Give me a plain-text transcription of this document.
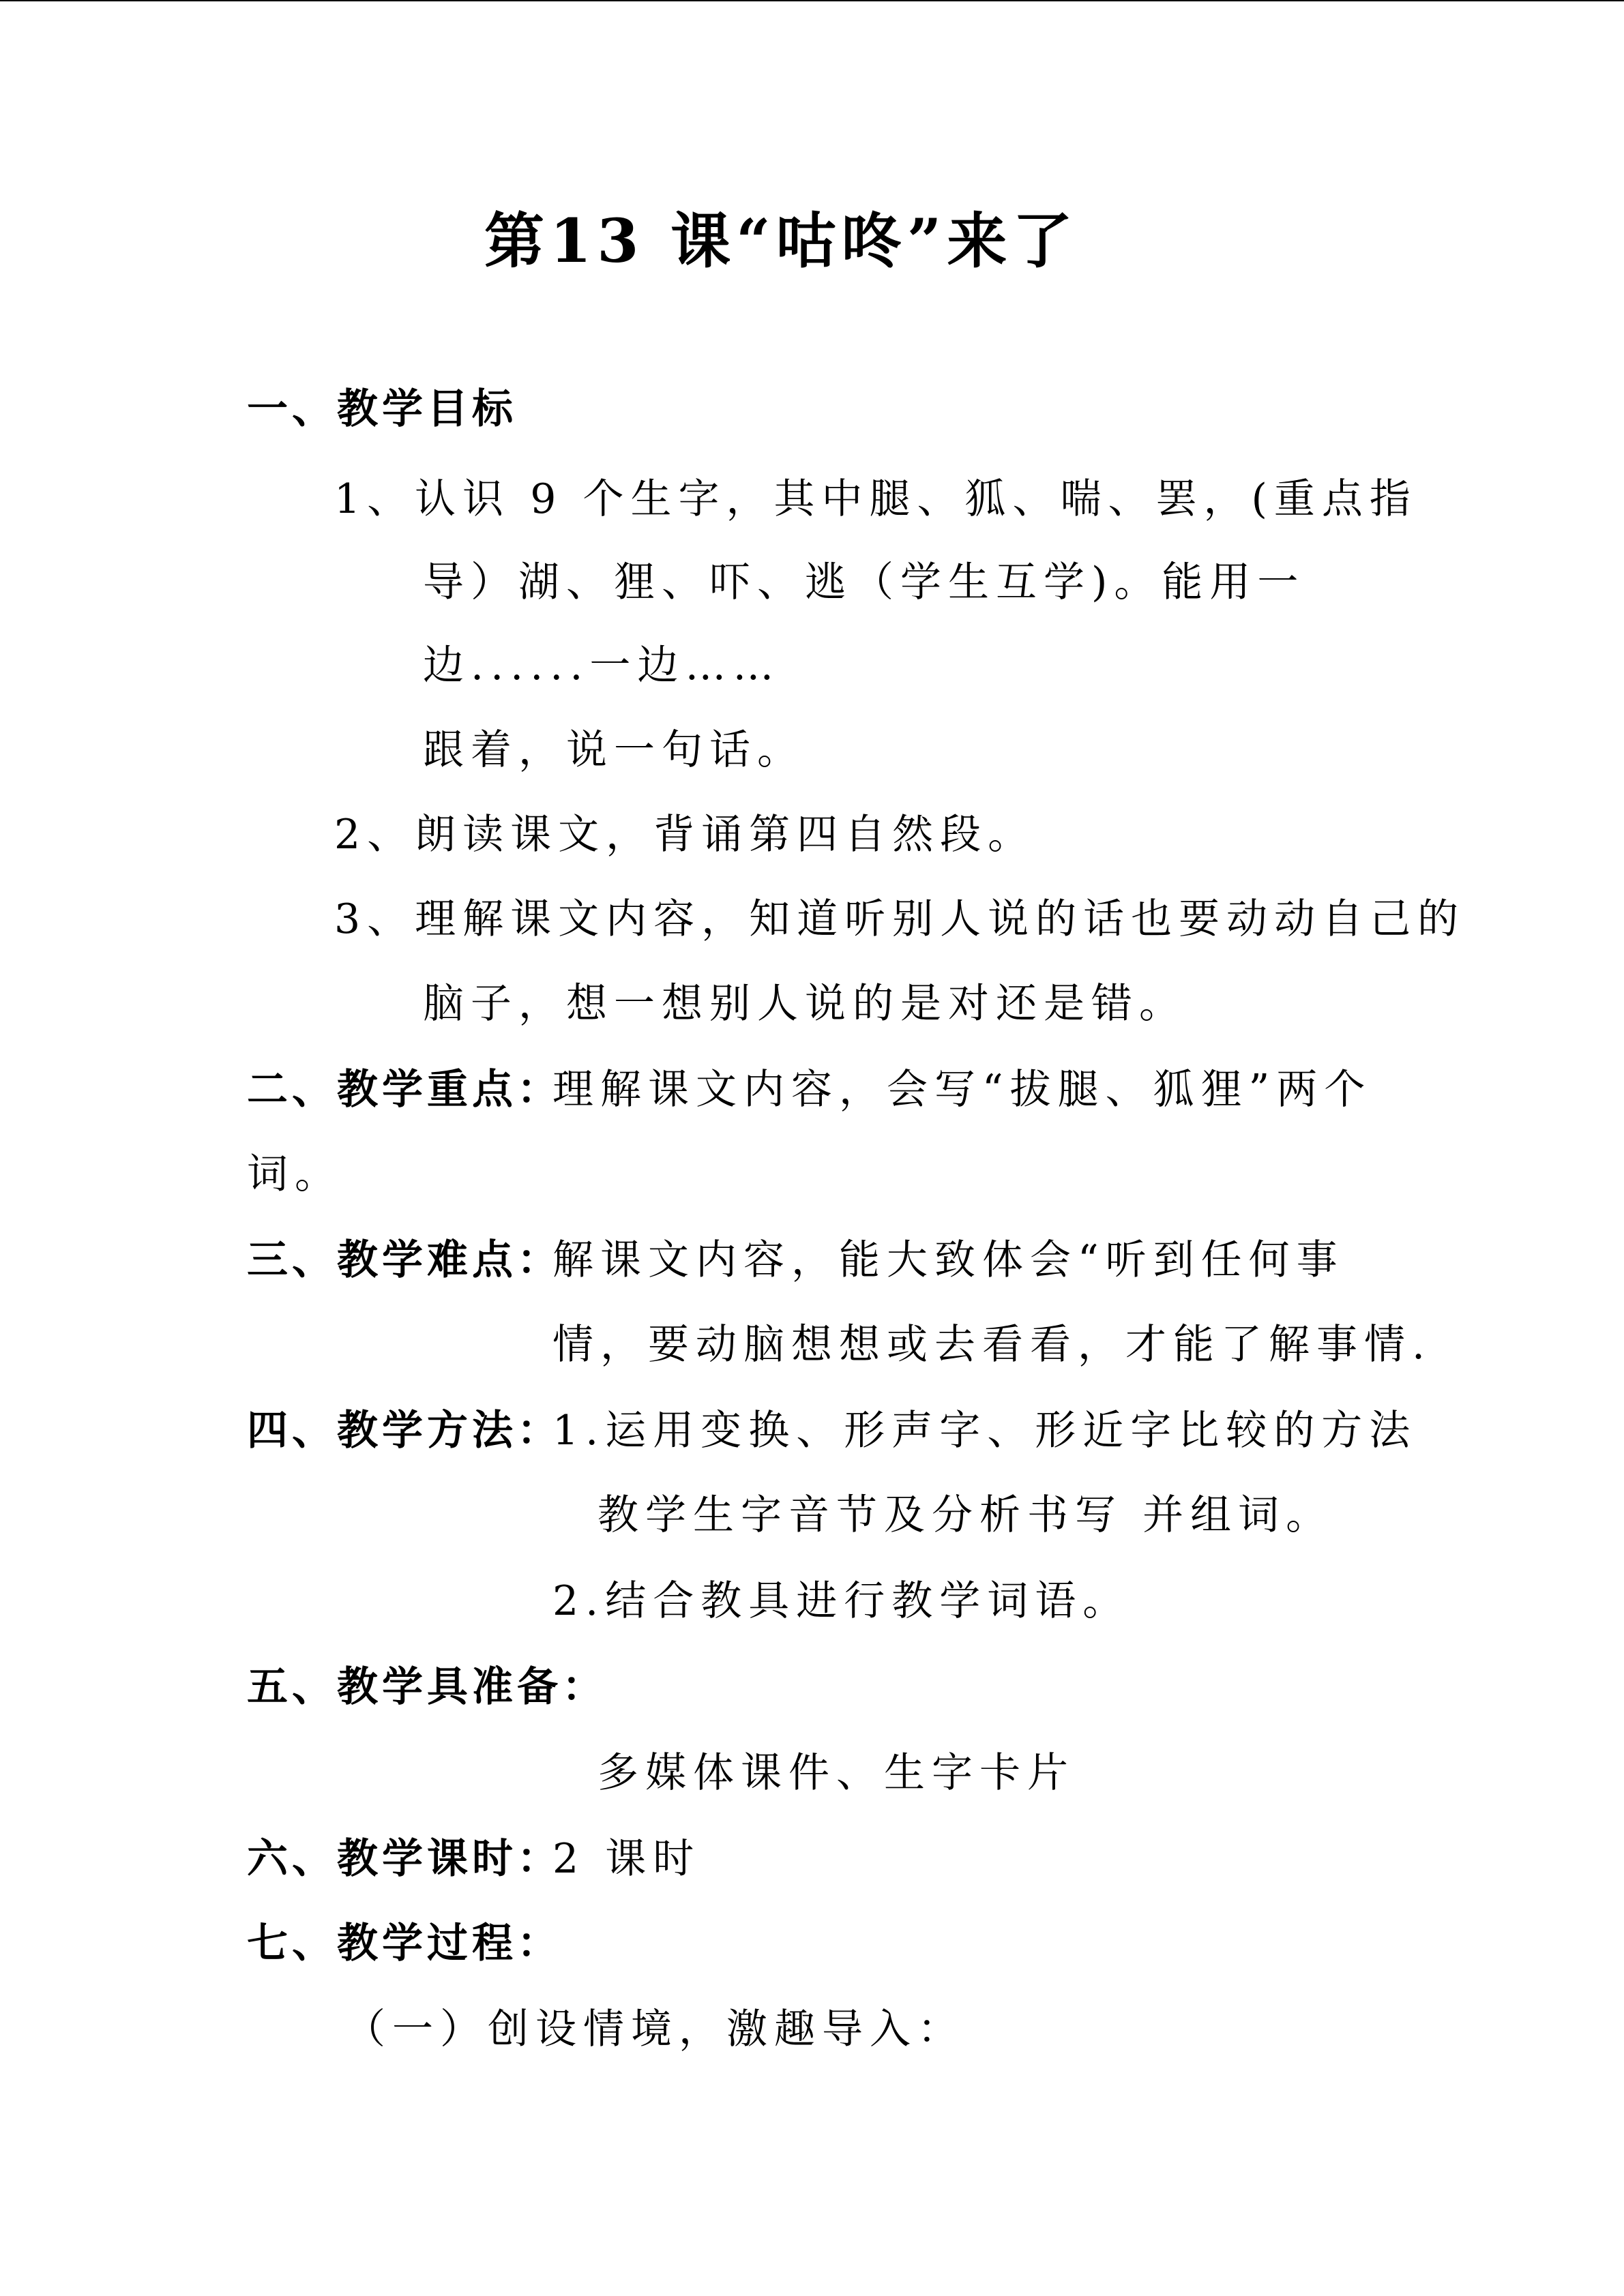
第13 课“咕咚”来了
一、教学目标
1、认识 9 个生字，其中腿、狐、喘、罢，(重点指
导）湖、狸、吓、逃（学生互学)。能用一
边......一边……
跟着，说一句话。
2、朗读课文，背诵第四自然段。
3、理解课文内容，知道听别人说的话也要动动自己的
脑子，想一想别人说的是对还是错。
二、教学重点：
理解课文内容，会写“拔腿、狐狸”两个
词。
三、教学难点：
解课文内容，能大致体会“听到任何事
情，要动脑想想或去看看，才能了解事情.
四、教学方法：
1.运用变换、形声字、形近字比较的方法
教学生字音节及分析书写 并组词。
2.结合教具进行教学词语。
五、教学具准备：
多媒体课件、生字卡片
六、教学课时：
2 课时
七、教学过程：
（一）创设情境，激趣导入：
